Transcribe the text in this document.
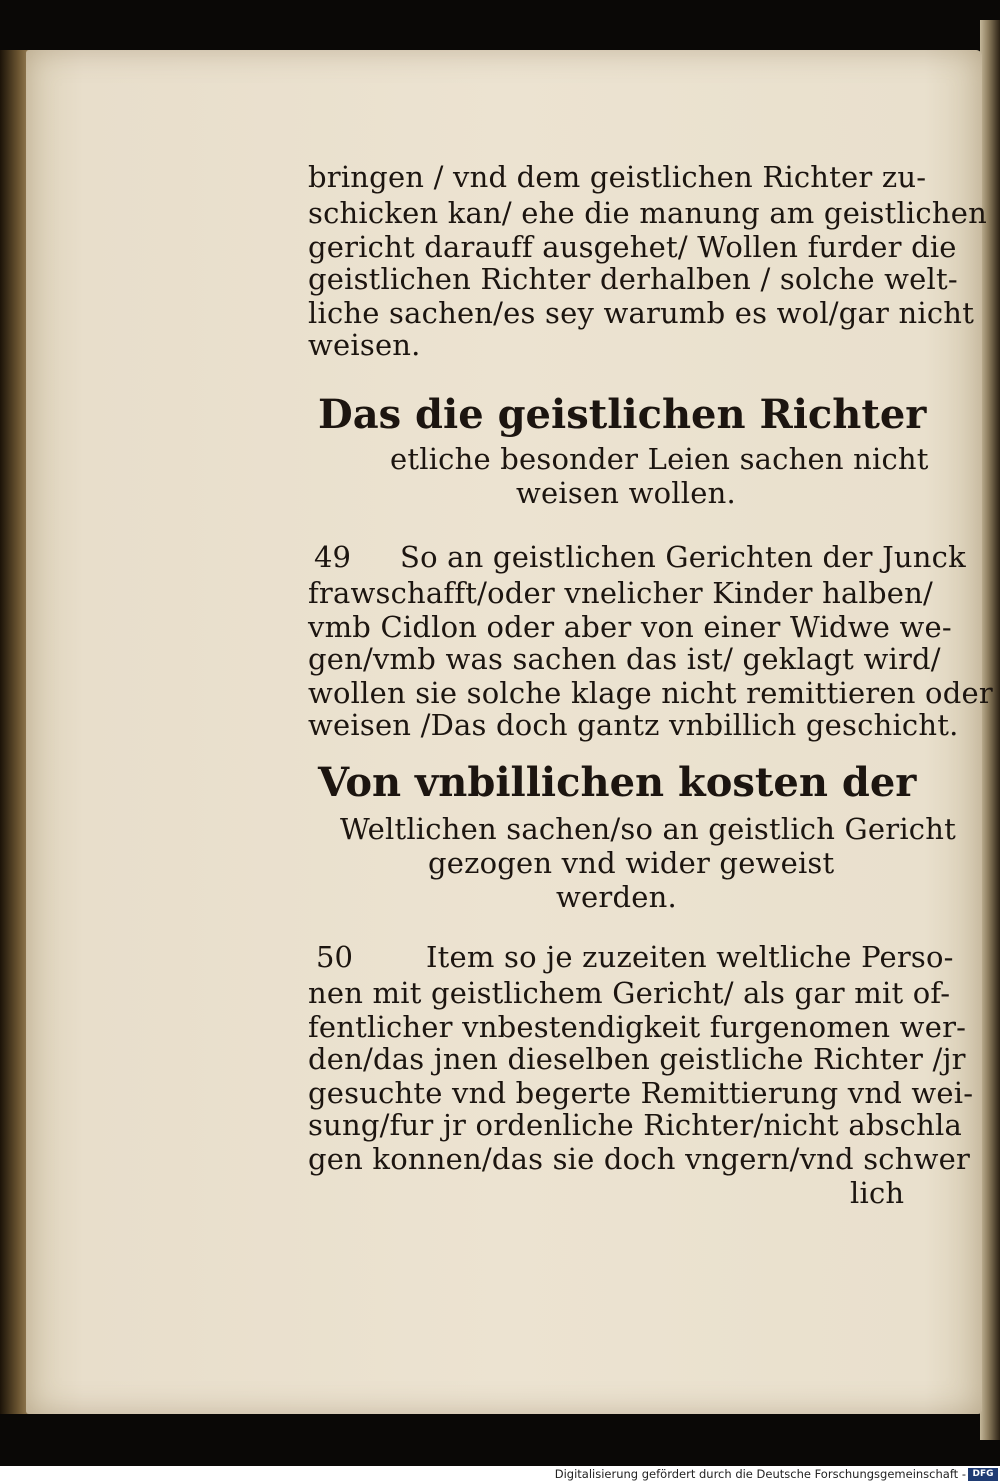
bringen / vnd dem geistlichen Richter zu-
schicken kan/ ehe die manung am geistlichen
gericht darauff ausgehet/ Wollen furder die
geistlichen Richter derhalben / solche welt-
liche sachen/es sey warumb es wol/gar nicht
weisen.
Das die geistlichen Richter
etliche besonder Leien sachen nicht
weisen wollen.
49 So an geistlichen Gerichten der Junck
frawschafft/oder vnelicher Kinder halben/
vmb Cidlon oder aber von einer Widwe we-
gen/vmb was sachen das ist/ geklagt wird/
wollen sie solche klage nicht remittieren oder
weisen /Das doch gantz vnbillich geschicht.
Von vnbillichen kosten der
Weltlichen sachen/so an geistlich Gericht
gezogen vnd wider geweist
werden.
50	Item so je zuzeiten weltliche Perso-
nen mit geistlichem Gericht/ als gar mit of-
fentlicher vnbestendigkeit furgenomen wer-
den/das jnen dieselben geistliche Richter /jr
gesuchte vnd begerte Remittierung vnd wei-
sung/fur jr ordenliche Richter/nicht abschla
gen konnen/das sie doch vngern/vnd schwer
lich
Digitalisierung gefördert durch die Deutsche Forschungsgemeinschaft - DFG
